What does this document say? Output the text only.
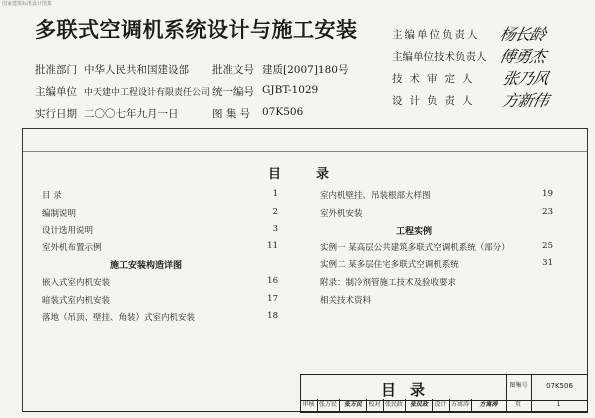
国家建筑标准设计图集
多联式空调机系统设计与施工安装
批准部门 中华人民共和国建设部 批准文号 建质[2007]180号
主编单位 中天建中工程设计有限责任公司 统一编号 GJBT-1029
实行日期 二〇〇七年九月一日	图 集 号 07K506
主编单位负责人 杨长龄
主编单位技术负责人 傅勇杰
技术审定人 张乃风
设计负责人 方新伟
目	录
目 录	1
编制说明	2
设计选用说明	3
室外机布置示例	11
施工安装构造详图
嵌入式室内机安装	16
暗装式室内机安装	17
落地（吊顶、壁挂、角装）式室内机安装	18
室内机壁挂、吊装根部大样图	19
室外机安装	23
工程实例
实例一 某高层公共建筑多联式空调机系统（部分）	25
实例二 某多层住宅多联式空调机系统	31
附录：制冷剂管施工技术及验收要求
相关技术资料
目录	图集号	07K506
审核 张万民	张万民	校对 张民政	张民政	设计 方寓涛	方寓涛	页	1
